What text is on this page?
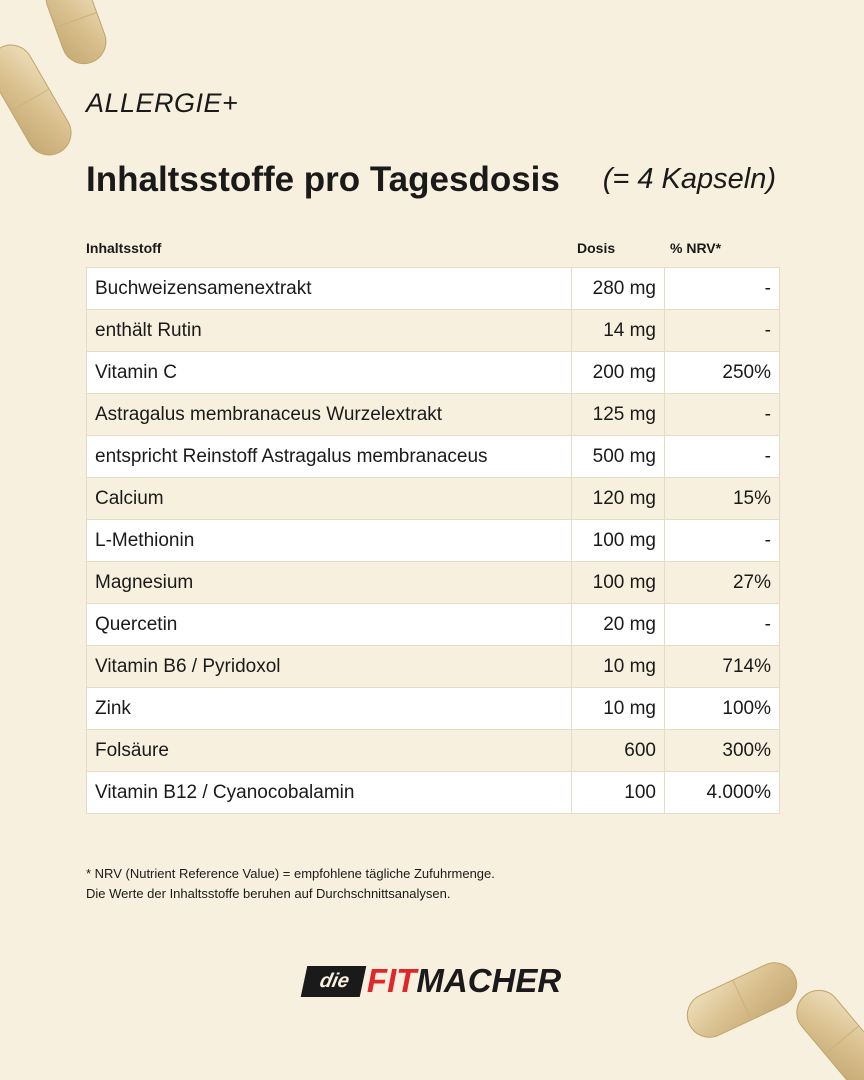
ALLERGIE+
Inhaltsstoffe pro Tagesdosis (= 4 Kapseln)
Inhaltsstoff	Dosis	% NRV*
Buchweizensamenextrakt	280 mg	-
enthält Rutin	14 mg	-
Vitamin C	200 mg	250%
Astragalus membranaceus Wurzelextrakt	125 mg	-
entspricht Reinstoff Astragalus membranaceus	500 mg	-
Calcium	120 mg	15%
L-Methionin	100 mg	-
Magnesium	100 mg	27%
Quercetin	20 mg	-
Vitamin B6 / Pyridoxol	10 mg	714%
Zink	10 mg	100%
Folsäure	600	300%
Vitamin B12 / Cyanocobalamin	100	4.000%
* NRV (Nutrient Reference Value) = empfohlene tägliche Zufuhrmenge.
Die Werte der Inhaltsstoffe beruhen auf Durchschnittsanalysen.
die FIT MACHER
